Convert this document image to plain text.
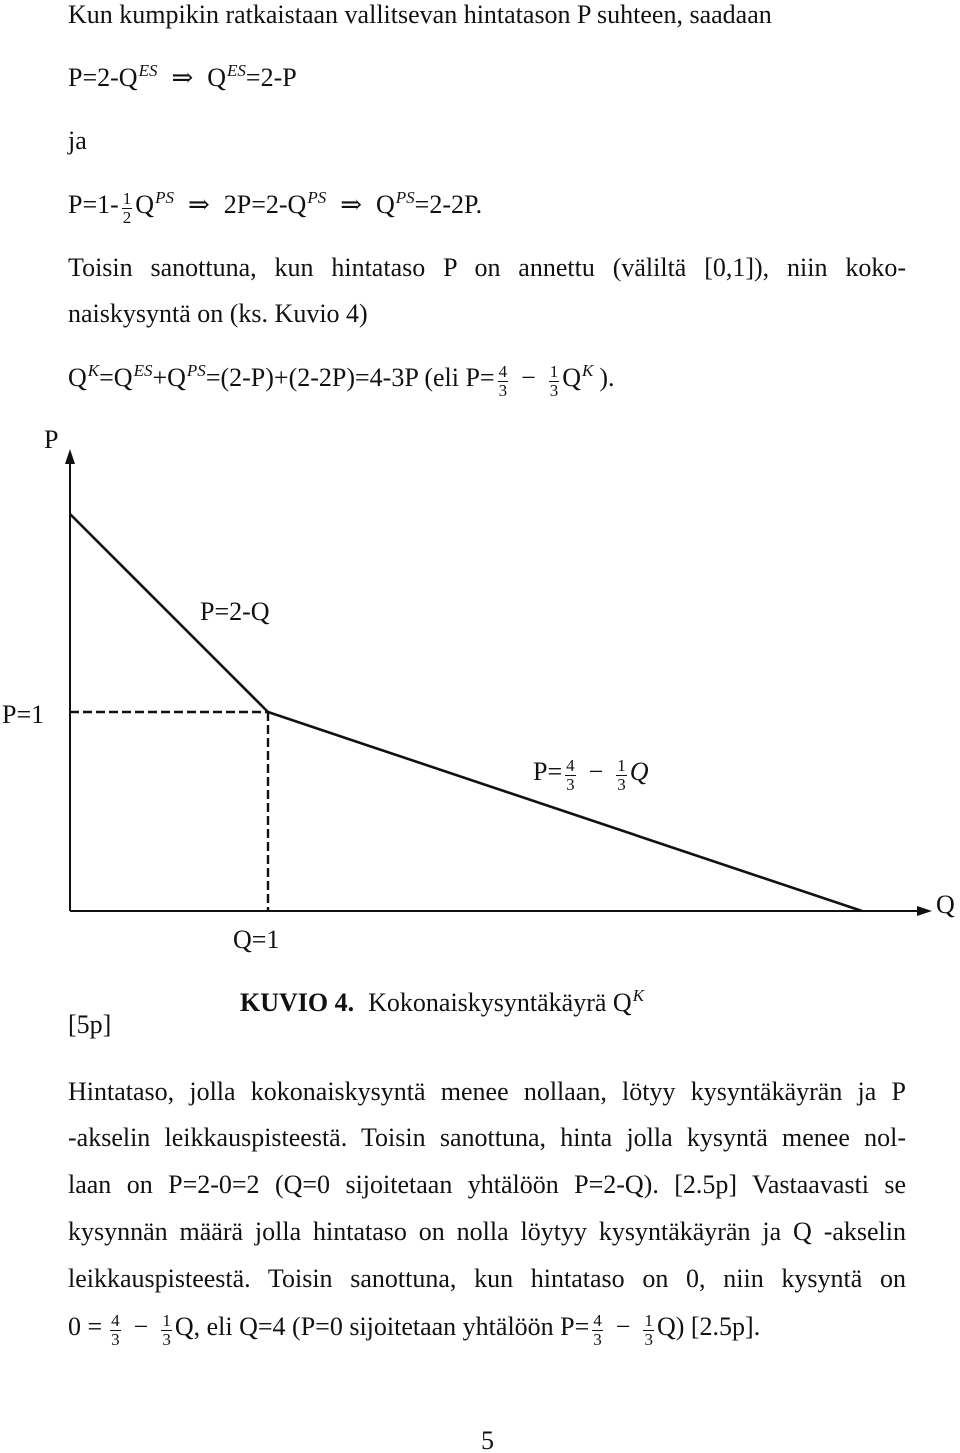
Kun kumpikin ratkaistaan vallitsevan hintatason P suhteen, saadaan
P=2-Q ES ⇒ Q ES =2-P
ja
$P=1- \frac{1}{2}$ Q PS ⇒ 2P=2-Q PS ⇒ Q PS =2-2P.
Toisin sanottuna, kun hintataso P on annettu (väliltä [0,1]), niin koko-
naiskysyntä on (ks. Kuvio 4)
Q K =Q ES +Q PS =(2-P)+(2-2P)=4-3P (eli $P= \frac{4}{3} - \frac{1}{3}$ Q K ).
P
P=2-Q
P=1
$P= \frac{4}{3} - \frac{1}{3}$ Q
Q
Q=1
KUVIO 4. Kokonaiskysyntäkäyrä Q K
[5p]
Hintataso, jolla kokonaiskysyntä menee nollaan, lötyy kysyntäkäyrän ja P
-akselin leikkauspisteestä. Toisin sanottuna, hinta jolla kysyntä menee nol-
laan on P=2-0=2 (Q=0 sijoitetaan yhtälöön P=2-Q). [2.5p] Vastaavasti se
kysynnän määrä jolla hintataso on nolla löytyy kysyntäkäyrän ja Q -akselin
leikkauspisteestä. Toisin sanottuna, kun hintataso on 0, niin kysyntä on
$0 = \frac{4}{3} - \frac{1}{3} Q$, eli Q=4 (P=0 sijoitetaan yhtälöön $P= \frac{4}{3} - \frac{1}{3} Q$) [2.5p].
5
